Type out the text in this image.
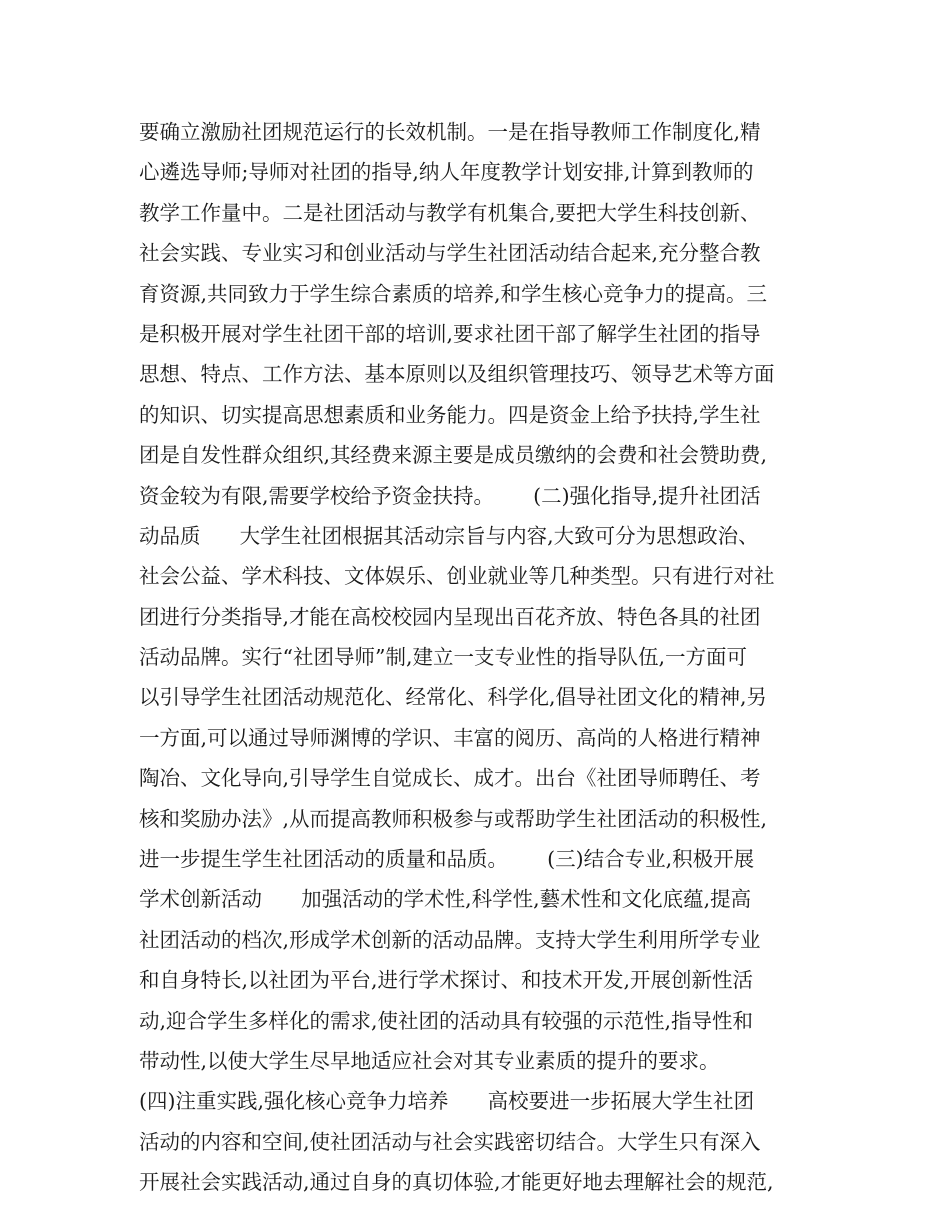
要确立激励社团规范运行的长效机制。一是在指导教师工作制度化,精
心遴选导师;导师对社团的指导,纳人年度教学计划安排,计算到教师的
教学工作量中。二是社团活动与教学有机集合,要把大学生科技创新、
社会实践、专业实习和创业活动与学生社团活动结合起来,充分整合教
育资源,共同致力于学生综合素质的培养,和学生核心竞争力的提高。三
是积极开展对学生社团干部的培训,要求社团干部了解学生社团的指导
思想、特点、工作方法、基本原则以及组织管理技巧、领导艺术等方面
的知识、切实提高思想素质和业务能力。四是资金上给予扶持,学生社
团是自发性群众组织,其经费来源主要是成员缴纳的会费和社会赞助费,
资金较为有限,需要学校给予资金扶持。      (二)强化指导,提升社团活
动品质      大学生社团根据其活动宗旨与内容,大致可分为思想政治、
社会公益、学术科技、文体娱乐、创业就业等几种类型。只有进行对社
团进行分类指导,才能在高校校园内呈现出百花齐放、特色各具的社团
活动品牌。实行“社团导师”制,建立一支专业性的指导队伍,一方面可
以引导学生社团活动规范化、经常化、科学化,倡导社团文化的精神,另
一方面,可以通过导师渊博的学识、丰富的阅历、高尚的人格进行精神
陶冶、文化导向,引导学生自觉成长、成才。出台《社团导师聘任、考
核和奖励办法》,从而提高教师积极参与或帮助学生社团活动的积极性,
进一步提生学生社团活动的质量和品质。      (三)结合专业,积极开展
学术创新活动      加强活动的学术性,科学性,藝术性和文化底蕴,提高
社团活动的档次,形成学术创新的活动品牌。支持大学生利用所学专业
和自身特长,以社团为平台,进行学术探讨、和技术开发,开展创新性活
动,迎合学生多样化的需求,使社团的活动具有较强的示范性,指导性和
带动性,以使大学生尽早地适应社会对其专业素质的提升的要求。
(四)注重实践,强化核心竞争力培养      高校要进一步拓展大学生社团
活动的内容和空间,使社团活动与社会实践密切结合。大学生只有深入
开展社会实践活动,通过自身的真切体验,才能更好地去理解社会的规范,
